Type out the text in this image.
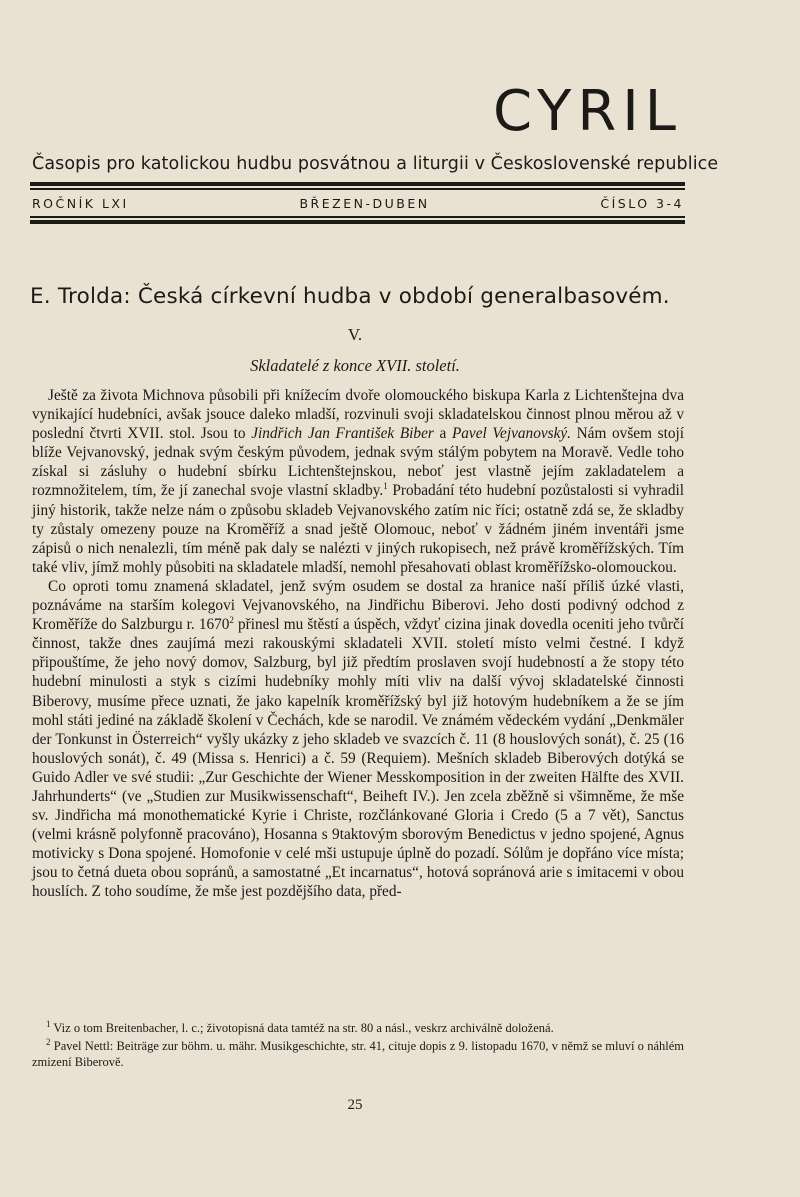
CYRIL
Časopis pro katolickou hudbu posvátnou a liturgii v Československé republice
ROČNÍK LXI	BŘEZEN-DUBEN	ČÍSLO 3-4
E. Trolda: Česká církevní hudba v období generalbasovém.
V.
Skladatelé z konce XVII. století.

Ještě za života Michnova působili při knížecím dvoře olomouckého biskupa Karla z Lichtenštejna dva vynikající hudebníci, avšak jsouce daleko mladší, rozvinuli svoji skladatelskou činnost plnou měrou až v poslední čtvrti XVII. stol. Jsou to Jindřich Jan František Biber a Pavel Vejvanovský. Nám ovšem stojí blíže Vejvanovský, jednak svým českým původem, jednak svým stálým pobytem na Moravě. Vedle toho získal si zásluhy o hudební sbírku Lichtenštejnskou, neboť jest vlastně jejím zakladatelem a rozmnožitelem, tím, že jí zanechal svoje vlastní skladby.$^1$ Probadání této hudební pozůstalosti si vyhradil jiný historik, takže nelze nám o způsobu skladeb Vejvanovského zatím nic říci; ostatně zdá se, že skladby ty zůstaly omezeny pouze na Kroměříž a snad ještě Olomouc, neboť v žádném jiném inventáři jsme zápisů o nich nenalezli, tím méně pak daly se nalézti v jiných rukopisech, než právě kroměřížských. Tím také vliv, jímž mohly působiti na skladatele mladší, nemohl přesahovati oblast kroměřížsko-olomouckou.

Co oproti tomu znamená skladatel, jenž svým osudem se dostal za hranice naší příliš úzké vlasti, poznáváme na starším kolegovi Vejvanovského, na Jindřichu Biberovi. Jeho dosti podivný odchod z Kroměříže do Salzburgu r. 1670$^2$ přinesl mu štěstí a úspěch, vždyť cizina jinak dovedla oceniti jeho tvůrčí činnost, takže dnes zaujímá mezi rakouskými skladateli XVII. století místo velmi čestné. I když připouštíme, že jeho nový domov, Salzburg, byl již předtím proslaven svojí hudebností a že stopy této hudební minulosti a styk s cizími hudebníky mohly míti vliv na další vývoj skladatelské činnosti Biberovy, musíme přece uznati, že jako kapelník kroměřížský byl již hotovým hudebníkem a že se jím mohl státi jediné na základě školení v Čechách, kde se narodil. Ve známém vědeckém vydání „Denkmäler der Tonkunst in Österreich“ vyšly ukázky z jeho skladeb ve svazcích č. 11 (8 houslových sonát), č. 25 (16 houslových sonát), č. 49 (Missa s. Henrici) a č. 59 (Requiem). Mešních skladeb Biberových dotýká se Guido Adler ve své studii: „Zur Geschichte der Wiener Messkomposition in der zweiten Hälfte des XVII. Jahrhunderts“ (ve „Studien zur Musikwissenschaft“, Beiheft IV.). Jen zcela zběžně si všimněme, že mše sv. Jindřicha má monothematické Kyrie i Christe, rozčlánkované Gloria i Credo (5 a 7 vět), Sanctus (velmi krásně polyfonně pracováno), Hosanna s 9taktovým sborovým Benedictus v jedno spojené, Agnus motivicky s Dona spojené. Homofonie v celé mši ustupuje úplně do pozadí. Sólům je dopřáno více místa; jsou to četná dueta obou sopránů, a samostatné „Et incarnatus“, hotová sopránová arie s imitacemi v obou houslích. Z toho soudíme, že mše jest pozdějšího data, před-

$^1$ Viz o tom Breitenbacher, l. c.; životopisná data tamtéž na str. 80 a násl., veskrz archiválně doložená.

$^2$ Pavel Nettl: Beiträge zur böhm. u. mähr. Musikgeschichte, str. 41, cituje dopis z 9. listopadu 1670, v němž se mluví o náhlém zmizení Biberově.

25
